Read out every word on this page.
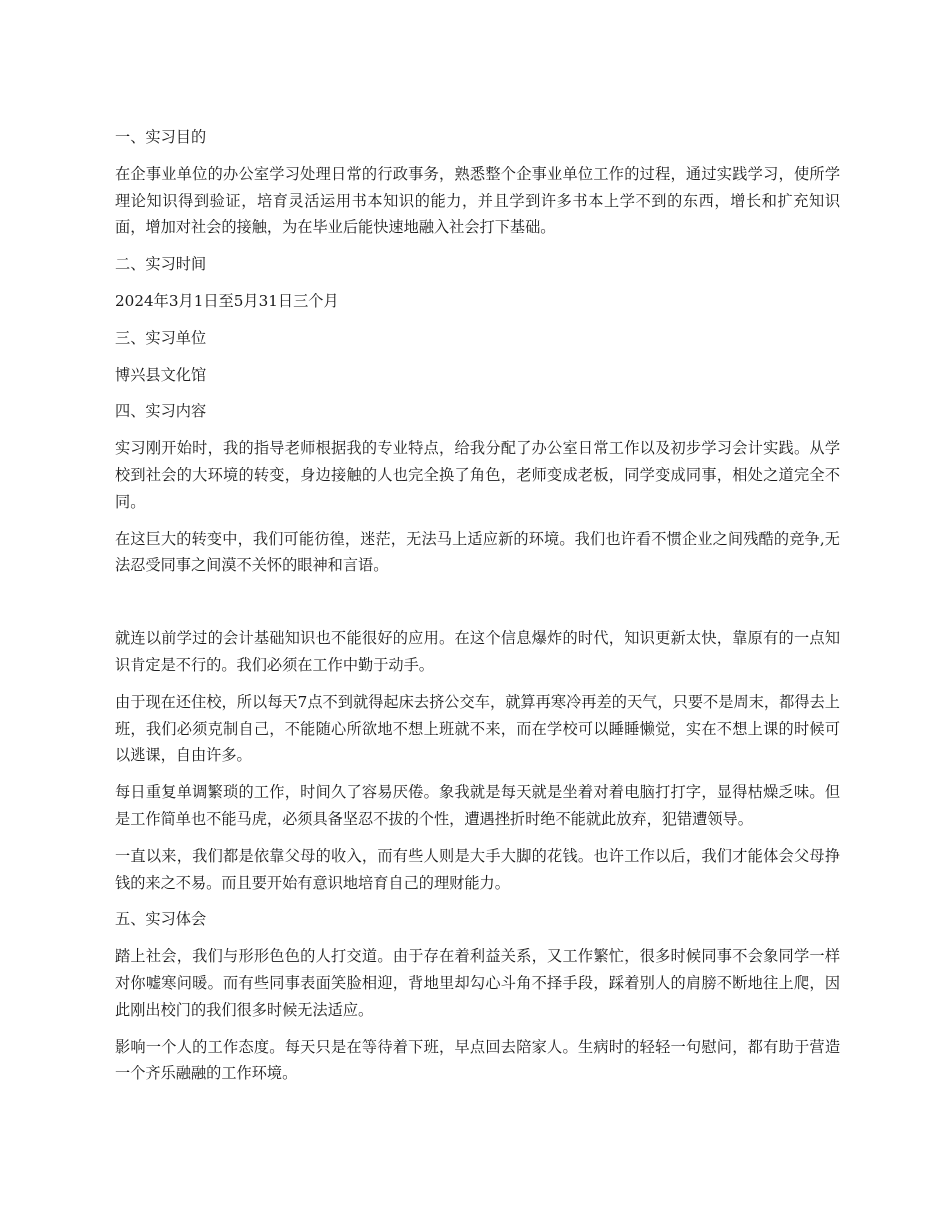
一、实习目的

在企事业单位的办公室学习处理日常的行政事务，熟悉整个企事业单位工作的过程，通过实践学习，使所学理论知识得到验证，培育灵活运用书本知识的能力，并且学到许多书本上学不到的东西，增长和扩充知识面，增加对社会的接触，为在毕业后能快速地融入社会打下基础。

二、实习时间

2024年3月1日至5月31日三个月

三、实习单位

博兴县文化馆

四、实习内容

实习刚开始时，我的指导老师根据我的专业特点，给我分配了办公室日常工作以及初步学习会计实践。从学校到社会的大环境的转变，身边接触的人也完全换了角色，老师变成老板，同学变成同事，相处之道完全不同。

在这巨大的转变中，我们可能彷徨，迷茫，无法马上适应新的环境。我们也许看不惯企业之间残酷的竞争,无法忍受同事之间漠不关怀的眼神和言语。

就连以前学过的会计基础知识也不能很好的应用。在这个信息爆炸的时代，知识更新太快，靠原有的一点知识肯定是不行的。我们必须在工作中勤于动手。

由于现在还住校，所以每天7点不到就得起床去挤公交车，就算再寒冷再差的天气，只要不是周末，都得去上班，我们必须克制自己，不能随心所欲地不想上班就不来，而在学校可以睡睡懒觉，实在不想上课的时候可以逃课，自由许多。

每日重复单调繁琐的工作，时间久了容易厌倦。象我就是每天就是坐着对着电脑打打字，显得枯燥乏味。但是工作简单也不能马虎，必须具备坚忍不拔的个性，遭遇挫折时绝不能就此放弃，犯错遭领导。

一直以来，我们都是依靠父母的收入，而有些人则是大手大脚的花钱。也许工作以后，我们才能体会父母挣钱的来之不易。而且要开始有意识地培育自己的理财能力。

五、实习体会

踏上社会，我们与形形色色的人打交道。由于存在着利益关系，又工作繁忙，很多时候同事不会象同学一样对你嘘寒问暖。而有些同事表面笑脸相迎，背地里却勾心斗角不择手段，踩着别人的肩膀不断地往上爬，因此刚出校门的我们很多时候无法适应。

影响一个人的工作态度。每天只是在等待着下班，早点回去陪家人。生病时的轻轻一句慰问，都有助于营造一个齐乐融融的工作环境。
